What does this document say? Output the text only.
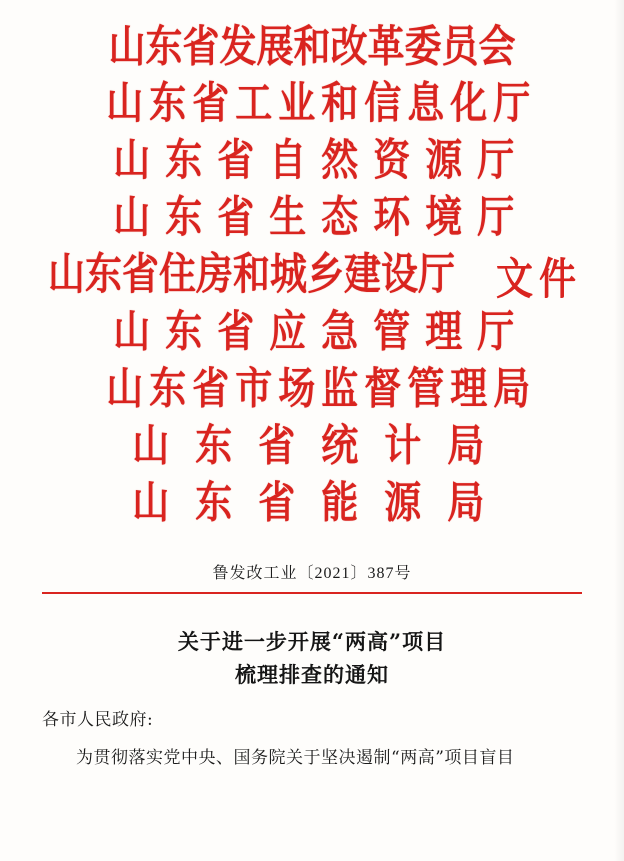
山东省发展和改革委员会
山东省工业和信息化厅
山东省自然资源厅
山东省生态环境厅
山东省住房和城乡建设厅 文件
山东省应急管理厅
山东省市场监督管理局
山东省统计局
山东省能源局
鲁发改工业〔2021〕387号
关于进一步开展“两高”项目
梳理排查的通知
各市人民政府:
为贯彻落实党中央、国务院关于坚决遏制“两高”项目盲目
